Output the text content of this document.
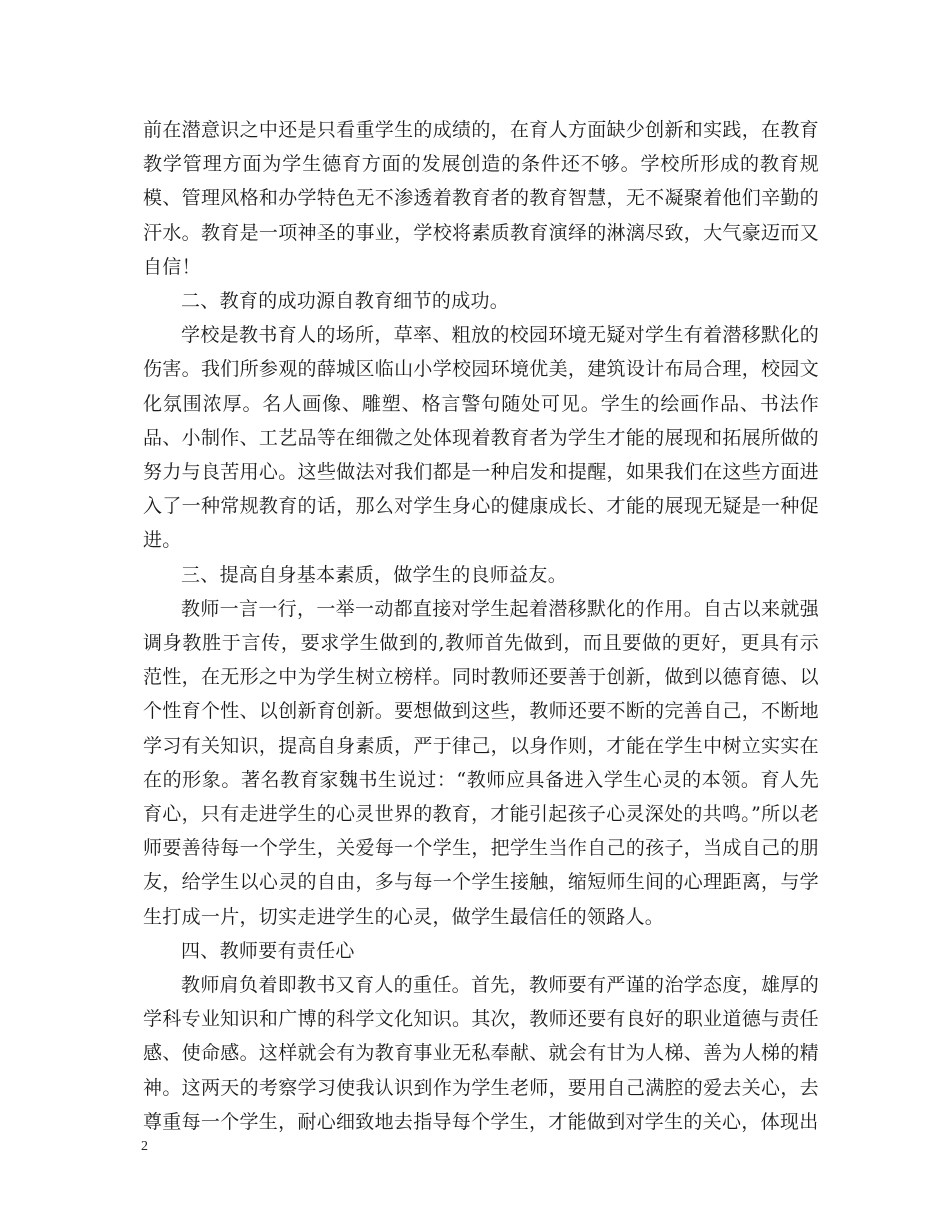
前在潜意识之中还是只看重学生的成绩的，在育人方面缺少创新和实践，在教育教学管理方面为学生德育方面的发展创造的条件还不够。学校所形成的教育规模、管理风格和办学特色无不渗透着教育者的教育智慧，无不凝聚着他们辛勤的汗水。教育是一项神圣的事业，学校将素质教育演绎的淋漓尽致，大气豪迈而又自信！

二、教育的成功源自教育细节的成功。

学校是教书育人的场所，草率、粗放的校园环境无疑对学生有着潜移默化的伤害。我们所参观的薛城区临山小学校园环境优美，建筑设计布局合理，校园文化氛围浓厚。名人画像、雕塑、格言警句随处可见。学生的绘画作品、书法作品、小制作、工艺品等在细微之处体现着教育者为学生才能的展现和拓展所做的努力与良苦用心。这些做法对我们都是一种启发和提醒，如果我们在这些方面进入了一种常规教育的话，那么对学生身心的健康成长、才能的展现无疑是一种促进。

三、提高自身基本素质，做学生的良师益友。

教师一言一行，一举一动都直接对学生起着潜移默化的作用。自古以来就强调身教胜于言传，要求学生做到的,教师首先做到，而且要做的更好，更具有示范性，在无形之中为学生树立榜样。同时教师还要善于创新，做到以德育德、以个性育个性、以创新育创新。要想做到这些，教师还要不断的完善自己，不断地学习有关知识，提高自身素质，严于律己，以身作则，才能在学生中树立实实在在的形象。著名教育家魏书生说过：“教师应具备进入学生心灵的本领。育人先育心，只有走进学生的心灵世界的教育，才能引起孩子心灵深处的共鸣。”所以老师要善待每一个学生，关爱每一个学生，把学生当作自己的孩子，当成自己的朋友，给学生以心灵的自由，多与每一个学生接触，缩短师生间的心理距离，与学生打成一片，切实走进学生的心灵，做学生最信任的领路人。

四、教师要有责任心

教师肩负着即教书又育人的重任。首先，教师要有严谨的治学态度，雄厚的学科专业知识和广博的科学文化知识。其次，教师还要有良好的职业道德与责任感、使命感。这样就会有为教育事业无私奉献、就会有甘为人梯、善为人梯的精神。这两天的考察学习使我认识到作为学生老师，要用自己满腔的爱去关心，去尊重每一个学生，耐心细致地去指导每个学生，才能做到对学生的关心，体现出

2
